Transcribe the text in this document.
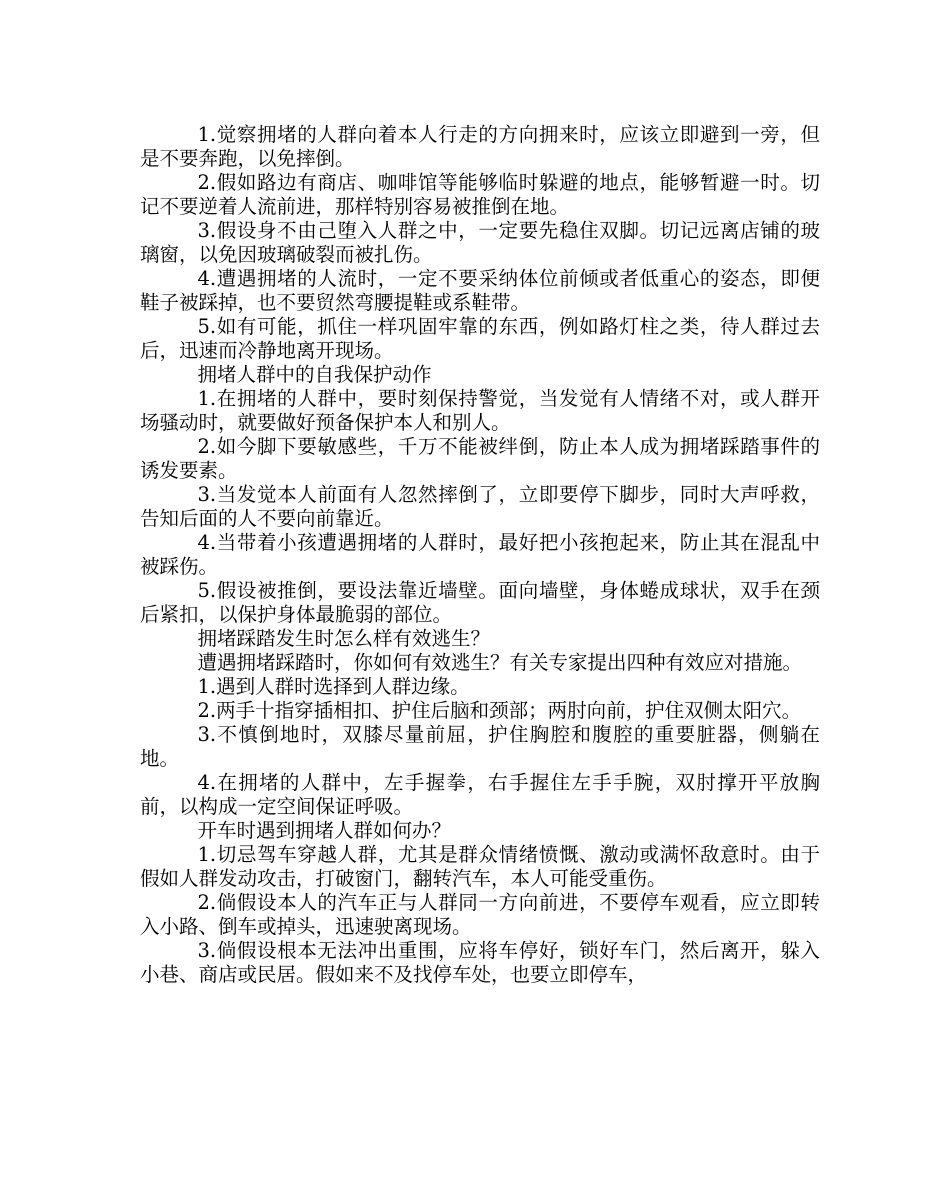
1.觉察拥堵的人群向着本人行走的方向拥来时，应该立即避到一旁，但是不要奔跑，以免摔倒。

2.假如路边有商店、咖啡馆等能够临时躲避的地点，能够暂避一时。切记不要逆着人流前进，那样特别容易被推倒在地。

3.假设身不由己堕入人群之中，一定要先稳住双脚。切记远离店铺的玻璃窗，以免因玻璃破裂而被扎伤。

4.遭遇拥堵的人流时，一定不要采纳体位前倾或者低重心的姿态，即便鞋子被踩掉，也不要贸然弯腰提鞋或系鞋带。

5.如有可能，抓住一样巩固牢靠的东西，例如路灯柱之类，待人群过去后，迅速而冷静地离开现场。

拥堵人群中的自我保护动作

1.在拥堵的人群中，要时刻保持警觉，当发觉有人情绪不对，或人群开场骚动时，就要做好预备保护本人和别人。

2.如今脚下要敏感些，千万不能被绊倒，防止本人成为拥堵踩踏事件的诱发要素。

3.当发觉本人前面有人忽然摔倒了，立即要停下脚步，同时大声呼救，告知后面的人不要向前靠近。

4.当带着小孩遭遇拥堵的人群时，最好把小孩抱起来，防止其在混乱中被踩伤。

5.假设被推倒，要设法靠近墙壁。面向墙壁，身体蜷成球状，双手在颈后紧扣，以保护身体最脆弱的部位。

拥堵踩踏发生时怎么样有效逃生？

遭遇拥堵踩踏时，你如何有效逃生？有关专家提出四种有效应对措施。

1.遇到人群时选择到人群边缘。

2.两手十指穿插相扣、护住后脑和颈部；两肘向前，护住双侧太阳穴。

3.不慎倒地时，双膝尽量前屈，护住胸腔和腹腔的重要脏器，侧躺在地。

4.在拥堵的人群中，左手握拳，右手握住左手手腕，双肘撑开平放胸前，以构成一定空间保证呼吸。

开车时遇到拥堵人群如何办？

1.切忌驾车穿越人群，尤其是群众情绪愤慨、激动或满怀敌意时。由于假如人群发动攻击，打破窗门，翻转汽车，本人可能受重伤。

2.倘假设本人的汽车正与人群同一方向前进，不要停车观看，应立即转入小路、倒车或掉头，迅速驶离现场。

3.倘假设根本无法冲出重围，应将车停好，锁好车门，然后离开，躲入小巷、商店或民居。假如来不及找停车处，也要立即停车，
